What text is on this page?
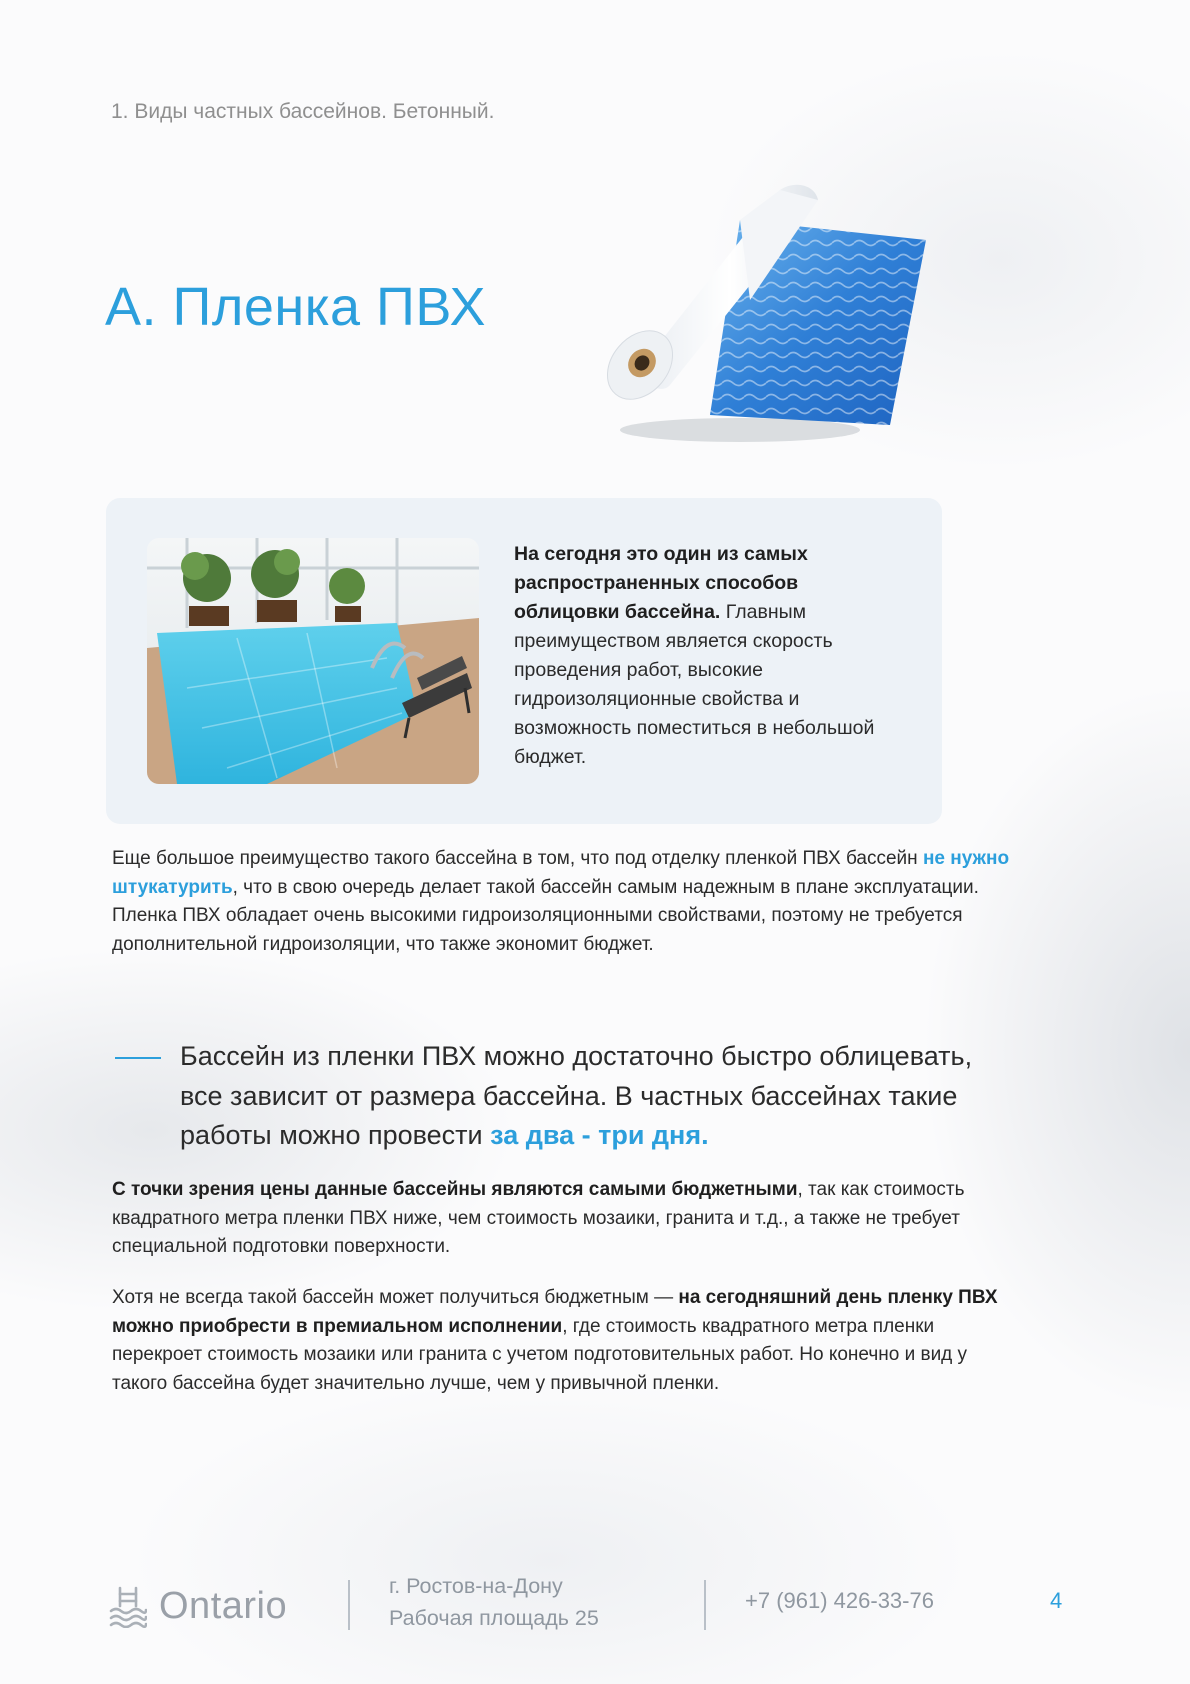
1. Виды частных бассейнов. Бетонный.
А. Пленка ПВХ
На сегодня это один из самых распространенных способов облицовки бассейна. Главным преимуществом является скорость проведения работ, высокие гидроизоляционные свойства и возможность поместиться в небольшой бюджет.
Еще большое преимущество такого бассейна в том, что под отделку пленкой ПВХ бассейн не нужно штукатурить, что в свою очередь делает такой бассейн самым надежным в плане эксплуатации. Пленка ПВХ обладает очень высокими гидроизоляционными свойствами, поэтому не требуется дополнительной гидроизоляции, что также экономит бюджет.
Бассейн из пленки ПВХ можно достаточно быстро облицевать, все зависит от размера бассейна. В частных бассейнах такие работы можно провести за два - три дня.
С точки зрения цены данные бассейны являются самыми бюджетными, так как стоимость квадратного метра пленки ПВХ ниже, чем стоимость мозаики, гранита и т.д., а также не требует специальной подготовки поверхности.
Хотя не всегда такой бассейн может получиться бюджетным — на сегодняшний день пленку ПВХ можно приобрести в премиальном исполнении, где стоимость квадратного метра пленки перекроет стоимость мозаики или гранита с учетом подготовительных работ. Но конечно и вид у такого бассейна будет значительно лучше, чем у привычной пленки.
Ontario	г. Ростов-на-Дону
Рабочая площадь 25
+7 (961) 426-33-76	4
